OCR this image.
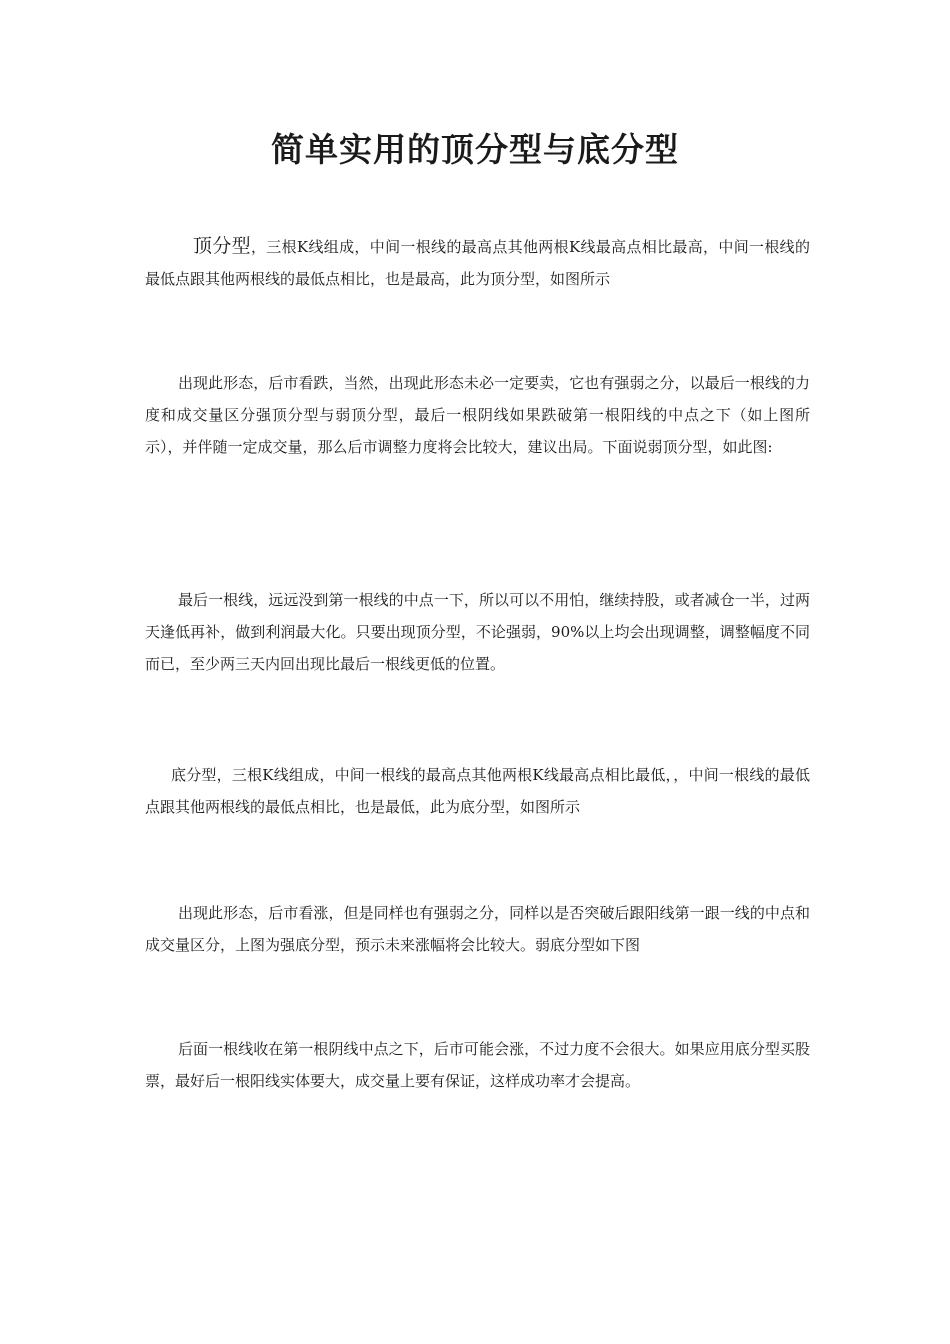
简单实用的顶分型与底分型

顶分型，三根K线组成，中间一根线的最高点其他两根K线最高点相比最高，中间一根线的最低点跟其他两根线的最低点相比，也是最高，此为顶分型，如图所示

出现此形态，后市看跌，当然，出现此形态未必一定要卖，它也有强弱之分，以最后一根线的力度和成交量区分强顶分型与弱顶分型，最后一根阴线如果跌破第一根阳线的中点之下（如上图所示），并伴随一定成交量，那么后市调整力度将会比较大，建议出局。下面说弱顶分型，如此图:

最后一根线，远远没到第一根线的中点一下，所以可以不用怕，继续持股，或者减仓一半，过两天逢低再补，做到利润最大化。只要出现顶分型，不论强弱，90%以上均会出现调整，调整幅度不同而已，至少两三天内回出现比最后一根线更低的位置。

底分型，三根K线组成，中间一根线的最高点其他两根K线最高点相比最低，，中间一根线的最低点跟其他两根线的最低点相比，也是最低，此为底分型，如图所示

出现此形态，后市看涨，但是同样也有强弱之分，同样以是否突破后跟阳线第一跟一线的中点和成交量区分，上图为强底分型，预示未来涨幅将会比较大。弱底分型如下图

后面一根线收在第一根阴线中点之下，后市可能会涨，不过力度不会很大。如果应用底分型买股票，最好后一根阳线实体要大，成交量上要有保证，这样成功率才会提高。
